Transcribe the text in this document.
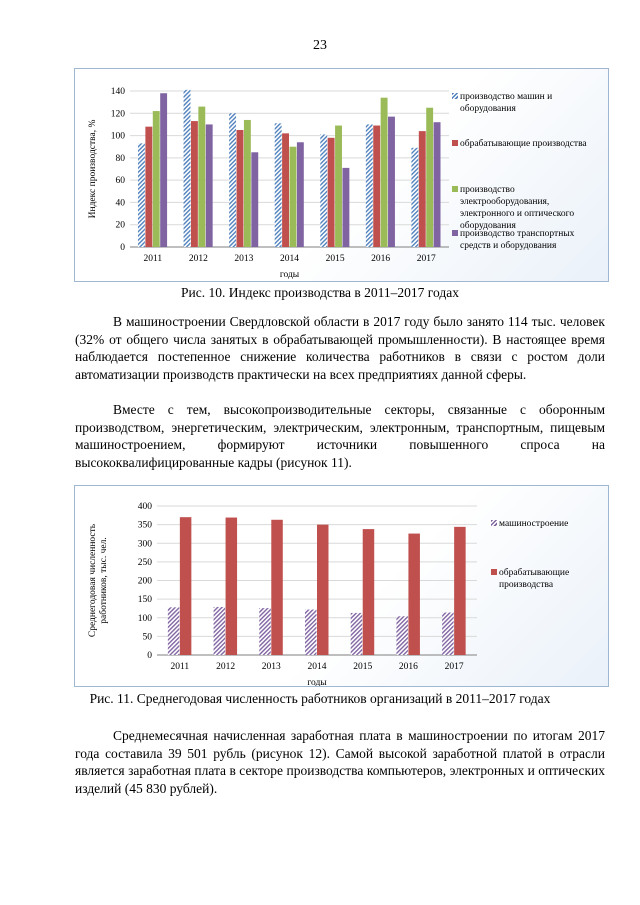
23
0
20
40
60
80
100
120
140
2011	2012	2013	2014	2015	2016	2017
годы
Индекс производства, %
производство машин и оборудования
обрабатывающие производства
производство электрооборудования, электронного и оптического оборудования
производство транспортных средств и оборудования
Рис. 10. Индекс производства в 2011–2017 годах

В машиностроении Свердловской области в 2017 году было занято 114 тыс. человек (32% от общего числа занятых в обрабатывающей промышленности). В настоящее время наблюдается постепенное снижение количества работников в связи с ростом доли автоматизации производств практически на всех предприятиях данной сферы.

Вместе с тем, высокопроизводительные секторы, связанные с оборонным производством, энергетическим, электрическим, электронным, транспортным, пищевым машиностроением, формируют источники повышенного спроса на высококвалифицированные кадры (рисунок 11).

0
50
100
150
200
250
300
350
400
2011	2012	2013	2014	2015	2016	2017
годы
Среднегодовая численностьработников, тыс. чел.
машиностроение
обрабатывающие производства
Рис. 11. Среднегодовая численность работников организаций в 2011–2017 годах

Среднемесячная начисленная заработная плата в машиностроении по итогам 2017 года составила 39 501 рубль (рисунок 12). Самой высокой заработной платой в отрасли является заработная плата в секторе производства компьютеров, электронных и оптических изделий (45 830 рублей).
